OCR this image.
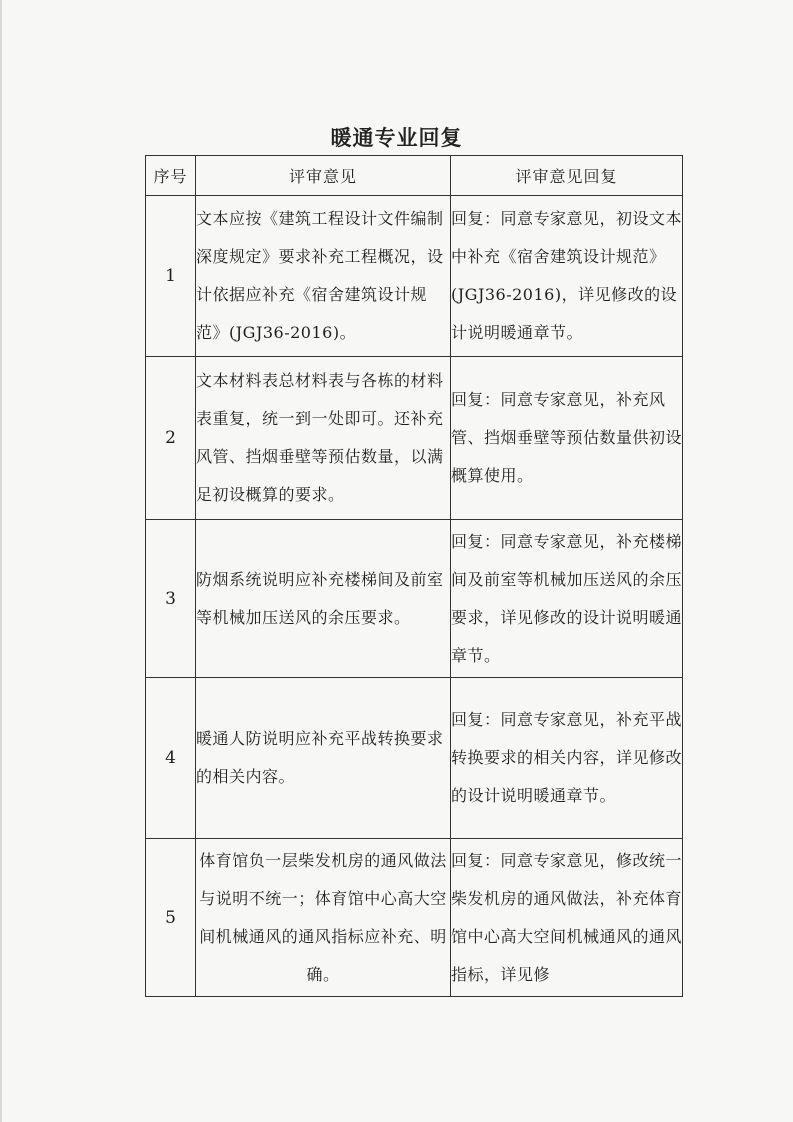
暖通专业回复
序号	评审意见	评审意见回复
1	文本应按《建筑工程设计文件编制深度规定》要求补充工程概况，设计依据应补充《宿舍建筑设计规范》(JGJ36-2016)。	回复：同意专家意见，初设文本中补充《宿舍建筑设计规范》(JGJ36-2016)，详见修改的设计说明暖通章节。

2	文本材料表总材料表与各栋的材料表重复，统一到一处即可。还补充风管、挡烟垂壁等预估数量，以满足初设概算的要求。	回复：同意专家意见，补充风管、挡烟垂壁等预估数量供初设概算使用。

3	防烟系统说明应补充楼梯间及前室等机械加压送风的余压要求。	回复：同意专家意见，补充楼梯间及前室等机械加压送风的余压要求，详见修改的设计说明暖通章节。

4	暖通人防说明应补充平战转换要求的相关内容。	回复：同意专家意见，补充平战转换要求的相关内容，详见修改的设计说明暖通章节。

5	体育馆负一层柴发机房的通风做法与说明不统一；体育馆中心高大空间机械通风的通风指标应补充、明确。	回复：同意专家意见，修改统一柴发机房的通风做法，补充体育馆中心高大空间机械通风的通风指标，详见修
